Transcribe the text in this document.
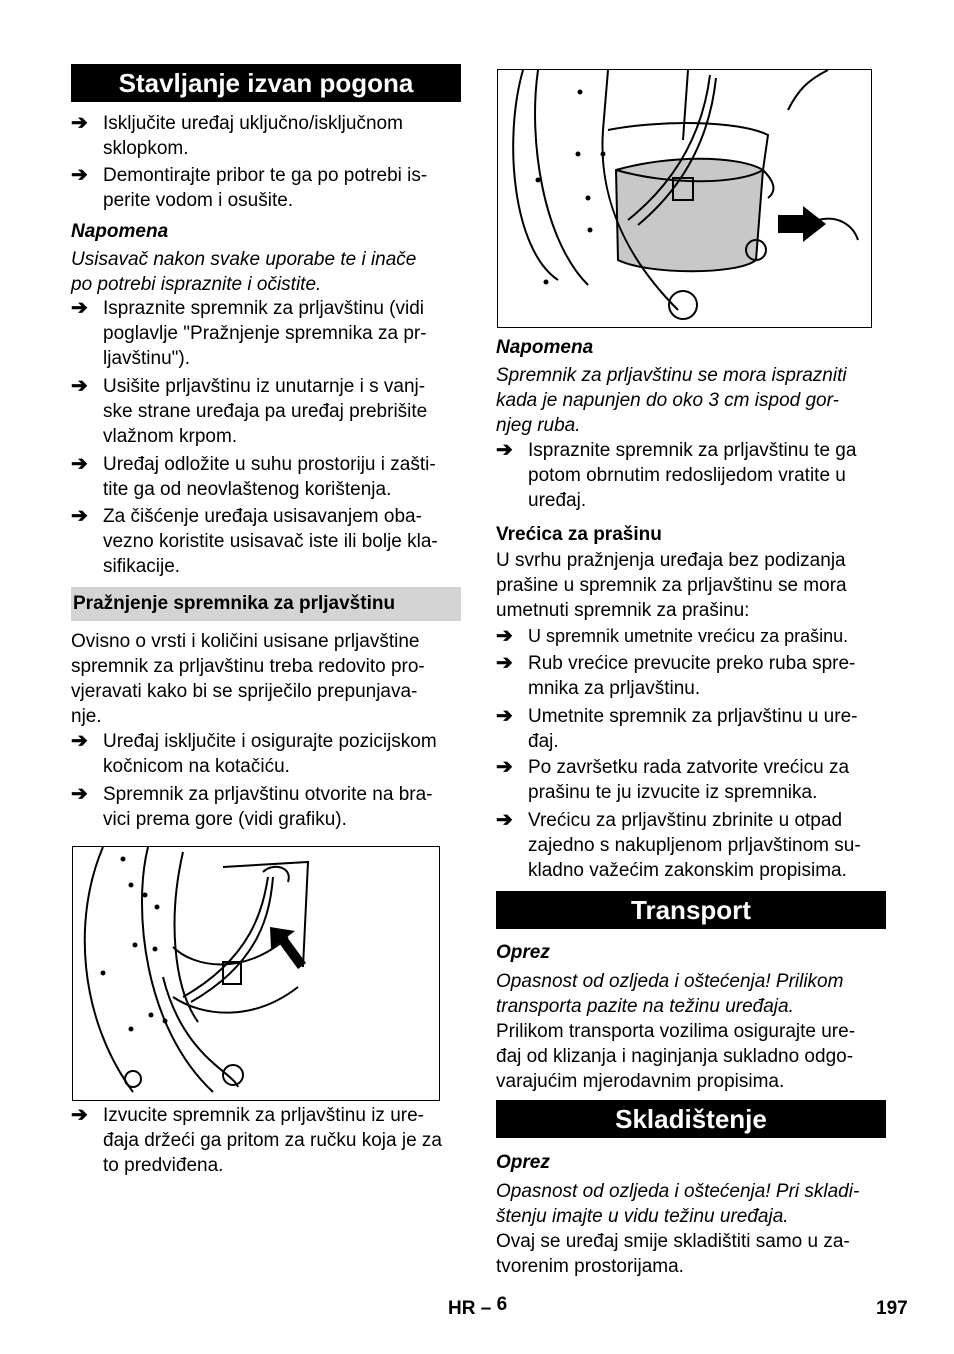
Stavljanje izvan pogona
➔ Isključite uređaj uključno/isključnom
sklopkom.
➔ Demontirajte pribor te ga po potrebi is-
perite vodom i osušite.
Napomena
Usisavač nakon svake uporabe te i inače
po potrebi ispraznite i očistite.
➔ Ispraznite spremnik za prljavštinu (vidi
poglavlje "Pražnjenje spremnika za pr-
ljavštinu").
➔ Usišite prljavštinu iz unutarnje i s vanj-
ske strane uređaja pa uređaj prebrišite
vlažnom krpom.
➔ Uređaj odložite u suhu prostoriju i zašti-
tite ga od neovlaštenog korištenja.
➔ Za čišćenje uređaja usisavanjem oba-
vezno koristite usisavač iste ili bolje kla-
sifikacije.
Pražnjenje spremnika za prljavštinu
Ovisno o vrsti i količini usisane prljavštine
spremnik za prljavštinu treba redovito pro-
vjeravati kako bi se spriječilo prepunjava-
nje.
➔ Uređaj isključite i osigurajte pozicijskom
kočnicom na kotačiću.
➔ Spremnik za prljavštinu otvorite na bra-
vici prema gore (vidi grafiku).
➔ Izvucite spremnik za prljavštinu iz ure-
đaja držeći ga pritom za ručku koja je za
to predviđena.
Napomena
Spremnik za prljavštinu se mora isprazniti
kada je napunjen do oko 3 cm ispod gor-
njeg ruba.
➔ Ispraznite spremnik za prljavštinu te ga
potom obrnutim redoslijedom vratite u
uređaj.
Vrećica za prašinu
U svrhu pražnjenja uređaja bez podizanja
prašine u spremnik za prljavštinu se mora
umetnuti spremnik za prašinu:
➔ U spremnik umetnite vrećicu za prašinu.
➔ Rub vrećice prevucite preko ruba spre-
mnika za prljavštinu.
➔ Umetnite spremnik za prljavštinu u ure-
đaj.
➔ Po završetku rada zatvorite vrećicu za
prašinu te ju izvucite iz spremnika.
➔ Vrećicu za prljavštinu zbrinite u otpad
zajedno s nakupljenom prljavštinom su-
kladno važećim zakonskim propisima.
Transport
Oprez
Opasnost od ozljeda i oštećenja! Prilikom
transporta pazite na težinu uređaja.
Prilikom transporta vozilima osigurajte ure-
đaj od klizanja i naginjanja sukladno odgo-
varajućim mjerodavnim propisima.
Skladištenje
Oprez
Opasnost od ozljeda i oštećenja! Pri skladi-
štenju imajte u vidu težinu uređaja.
Ovaj se uređaj smije skladištiti samo u za-
tvorenim prostorijama.
HR – 6	197
